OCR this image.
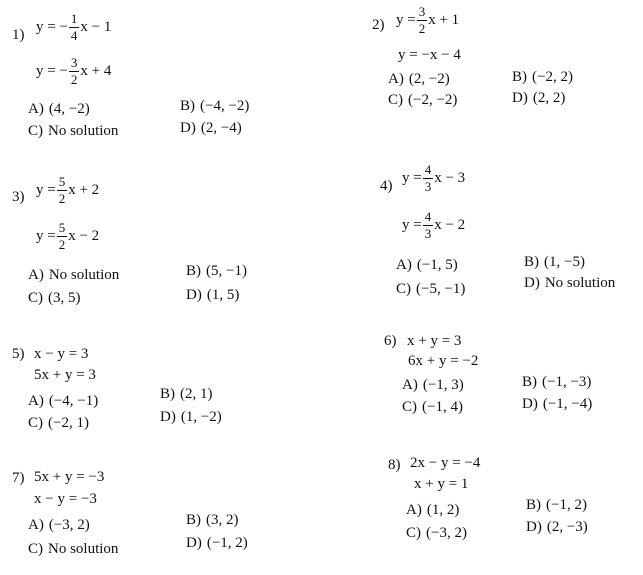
1)
y = − $\frac{1}{4}$ x − 1
y = − $\frac{3}{2}$ x + 4
A) (4, −2)	B) (−4, −2)
C) No solution	D) (2, −4)
2) $y = \frac{3}{2}$ x + 1
y = −x − 4
A) (2, −2)	B) (−2, 2)
C) (−2, −2)	D) (2, 2)
3) $y = \frac{5}{2}$ x + 2
$y = \frac{5}{2}$ x − 2
A) No solution	B) (5, −1)
C) (3, 5)	D) (1, 5)
4)
$y = \frac{4}{3}$ x − 3
$y = \frac{4}{3}$ x − 2
A) (−1, 5)	B) (1, −5)
C) (−5, −1)	D) No solution
5) x − y = 3
5x + y = 3
A) (−4, −1)	B) (2, 1)
C) (−2, 1)	D) (1, −2)
6) x + y = 3
6x + y = −2
A) (−1, 3)	B) (−1, −3)
C) (−1, 4)	D) (−1, −4)
7) 5x + y = −3
x − y = −3
A) (−3, 2)	B) (3, 2)
C) No solution	D) (−1, 2)
8) 2x − y = −4
x + y = 1
A) (1, 2)	B) (−1, 2)
C) (−3, 2)	D) (2, −3)
